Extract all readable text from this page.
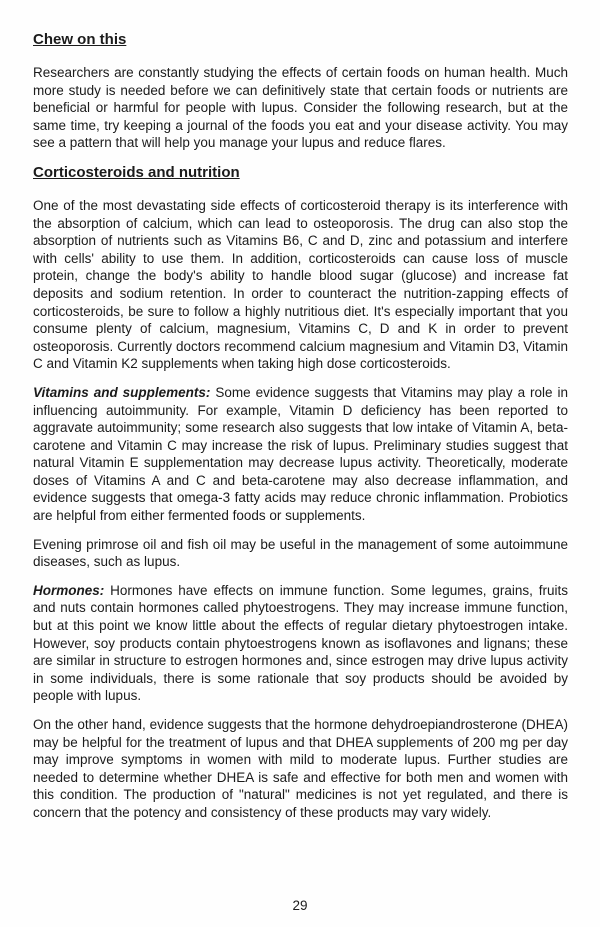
Chew on this

Researchers are constantly studying the effects of certain foods on human health. Much more study is needed before we can definitively state that certain foods or nutrients are beneficial or harmful for people with lupus. Consider the following research, but at the same time, try keeping a journal of the foods you eat and your disease activity. You may see a pattern that will help you manage your lupus and reduce flares.

Corticosteroids and nutrition

One of the most devastating side effects of corticosteroid therapy is its interference with the absorption of calcium, which can lead to osteoporosis. The drug can also stop the absorption of nutrients such as Vitamins B6, C and D, zinc and potassium and interfere with cells' ability to use them. In addition, corticosteroids can cause loss of muscle protein, change the body's ability to handle blood sugar (glucose) and increase fat deposits and sodium retention. In order to counteract the nutrition-zapping effects of corticosteroids, be sure to follow a highly nutritious diet. It's especially important that you consume plenty of calcium, magnesium, Vitamins C, D and K in order to prevent osteoporosis. Currently doctors recommend calcium magnesium and Vitamin D3, Vitamin C and Vitamin K2 supplements when taking high dose corticosteroids.

Vitamins and supplements: Some evidence suggests that Vitamins may play a role in influencing autoimmunity. For example, Vitamin D deficiency has been reported to aggravate autoimmunity; some research also suggests that low intake of Vitamin A, beta-carotene and Vitamin C may increase the risk of lupus. Preliminary studies suggest that natural Vitamin E supplementation may decrease lupus activity. Theoretically, moderate doses of Vitamins A and C and beta-carotene may also decrease inflammation, and evidence suggests that omega-3 fatty acids may reduce chronic inflammation. Probiotics are helpful from either fermented foods or supplements.

Evening primrose oil and fish oil may be useful in the management of some autoimmune diseases, such as lupus.

Hormones: Hormones have effects on immune function. Some legumes, grains, fruits and nuts contain hormones called phytoestrogens. They may increase immune function, but at this point we know little about the effects of regular dietary phytoestrogen intake. However, soy products contain phytoestrogens known as isoflavones and lignans; these are similar in structure to estrogen hormones and, since estrogen may drive lupus activity in some individuals, there is some rationale that soy products should be avoided by people with lupus.

On the other hand, evidence suggests that the hormone dehydroepiandrosterone (DHEA) may be helpful for the treatment of lupus and that DHEA supplements of 200 mg per day may improve symptoms in women with mild to moderate lupus. Further studies are needed to determine whether DHEA is safe and effective for both men and women with this condition. The production of "natural" medicines is not yet regulated, and there is concern that the potency and consistency of these products may vary widely.

29
